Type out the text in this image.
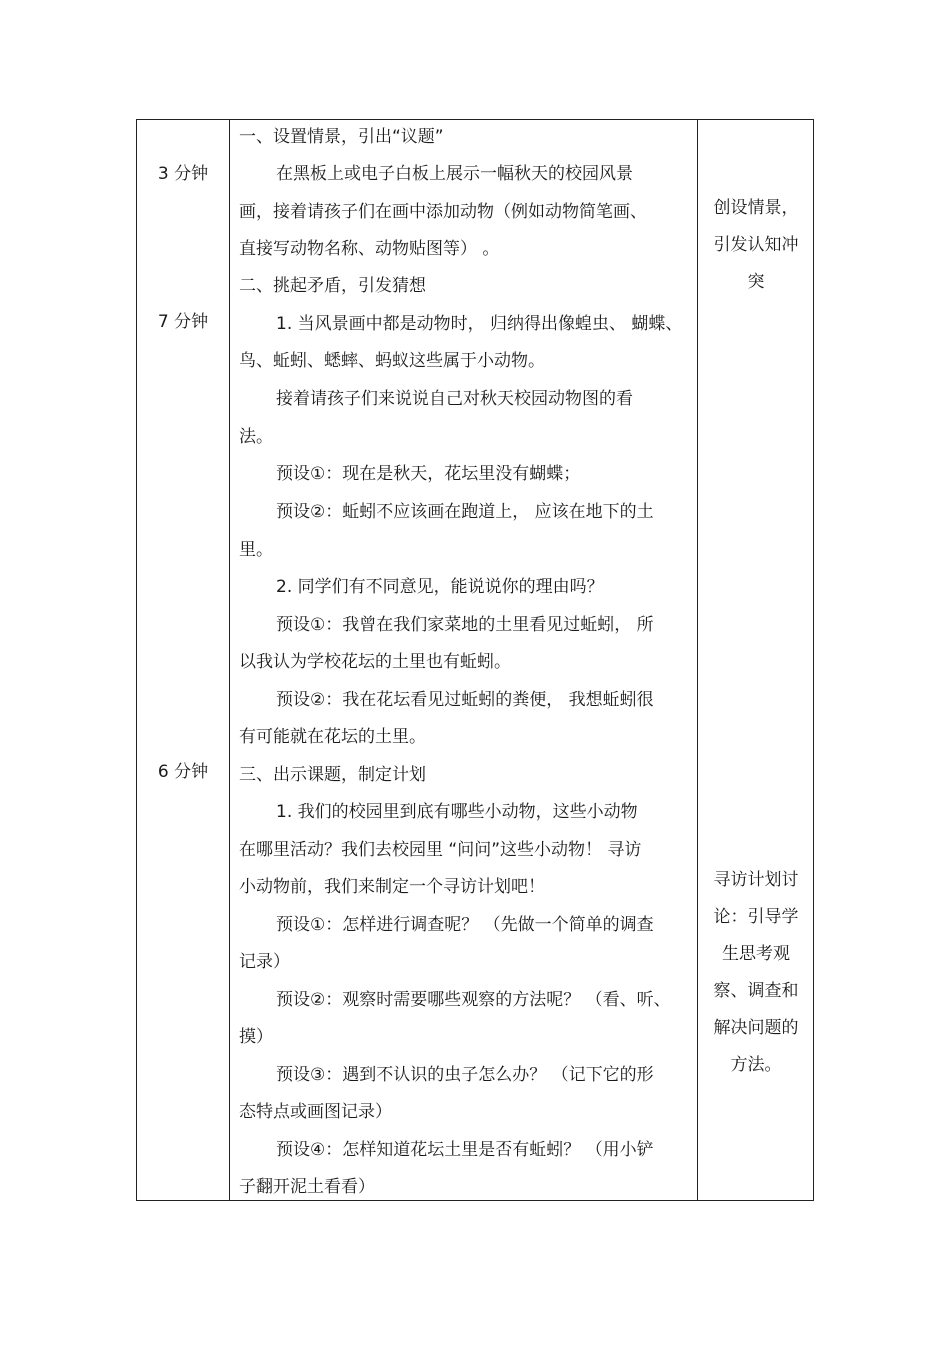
3 分钟
7 分钟
6 分钟
一、设置情景，引出“议题”
在黑板上或电子白板上展示一幅秋天的校园风景
画，接着请孩子们在画中添加动物（例如动物简笔画、
直接写动物名称、动物贴图等） 。
二、挑起矛盾，引发猜想
1. 当风景画中都是动物时， 归纳得出像蝗虫、 蝴蝶、
鸟、蚯蚓、蟋蟀、蚂蚁这些属于小动物。
接着请孩子们来说说自己对秋天校园动物图的看
法。
预设①：现在是秋天，花坛里没有蝴蝶；
预设②：蚯蚓不应该画在跑道上， 应该在地下的土
里。
2. 同学们有不同意见，能说说你的理由吗？
预设①：我曾在我们家菜地的土里看见过蚯蚓， 所
以我认为学校花坛的土里也有蚯蚓。
预设②：我在花坛看见过蚯蚓的粪便， 我想蚯蚓很
有可能就在花坛的土里。
三、出示课题，制定计划
1. 我们的校园里到底有哪些小动物，这些小动物
在哪里活动？我们去校园里 “问问”这些小动物！ 寻访
小动物前，我们来制定一个寻访计划吧！
预设①：怎样进行调查呢？ （先做一个简单的调查
记录）
预设②：观察时需要哪些观察的方法呢？ （看、听、
摸）
预设③：遇到不认识的虫子怎么办？ （记下它的形
态特点或画图记录）
预设④：怎样知道花坛土里是否有蚯蚓？ （用小铲
子翻开泥土看看）
创设情景，
引发认知冲
突
寻访计划讨
论：引导学
生思考观
察、调查和
解决问题的
方法。
